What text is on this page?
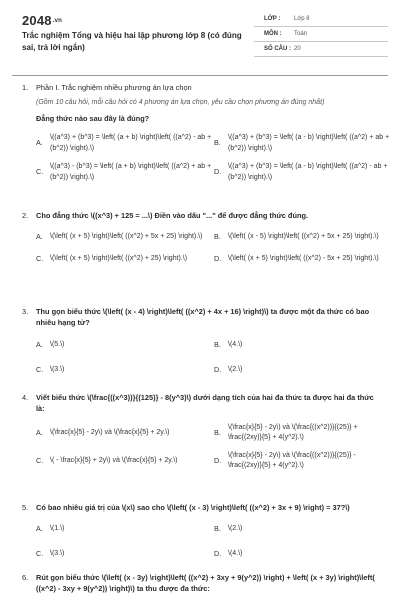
2048.vn
Trắc nghiệm Tổng và hiệu hai lập phương lớp 8 (có đúng sai, trả lời ngắn)
LỚP :	Lớp 8
MÔN :	Toán
SỐ CÂU : 20
1.	Phần I. Trắc nghiệm nhiều phương án lựa chọn
(Gồm 10 câu hỏi, mỗi câu hỏi có 4 phương án lựa chọn, yêu cầu chọn phương án đúng nhất)
Đẳng thức nào sau đây là đúng?
A.
\((a^3) + (b^3) = \left( (a + b) \right)\left( ((a^2) - ab + (b^2)) \right).\)
B.
\((a^3) + (b^3) = \left( (a - b) \right)\left( ((a^2) + ab + (b^2)) \right).\)
C.
\((a^3) - (b^3) = \left( (a + b) \right)\left( ((a^2) + ab + (b^2)) \right).\)
D.
\((a^3) + (b^3) = \left( (a - b) \right)\left( ((a^2) - ab + (b^2)) \right).\)
2.	Cho đẳng thức \((x^3) + 125 = ...\) Điền vào dấu "..." để được đẳng thức đúng.
A.	\(\left( (x + 5) \right)\left( ((x^2) + 5x + 25) \right).\)	B.	\(\left( (x - 5) \right)\left( ((x^2) + 5x + 25) \right).\)
C. \(\left( (x + 5) \right)\left( ((x^2) + 25) \right).\)	D. \(\left( (x + 5) \right)\left( ((x^2) - 5x + 25) \right).\)
3.	Thu gọn biểu thức \(\left( (x - 4) \right)\left( ((x^2) + 4x + 16) \right)\) ta được một đa thức có bao nhiêu hạng tử?
A.	\(5.\)	B.	\(4.\)
C. \(3.\)	D. \(2.\)
4.	Viết biểu thức \(\frac{((x^3))}{(125)} - 8(y^3)\) dưới dạng tích của hai đa thức ta được hai đa thức là:
A.	\(\frac{x}{5} - 2y\) và \(\frac{x}{5} + 2y.\)	B.
\(\frac{x}{5} - 2y\) và \(\frac{((x^2))}{(25)} + \frac{(2xy)}{5} + 4(y^2).\)
C. \( - \frac{x}{5} + 2y\) và \(\frac{x}{5} + 2y.\)	D.
\(\frac{x}{5} - 2y\) và \(\frac{((x^2))}{(25)} - \frac{(2xy)}{5} + 4(y^2).\)
5.	Có bao nhiêu giá trị của \(x\) sao cho \(\left( (x - 3) \right)\left( ((x^2) + 3x + 9) \right) = 37?\)
A.	\(1.\)	B.	\(2.\)
C. \(3.\)	D. \(4.\)
6.	Rút gọn biểu thức \(\left( (x - 3y) \right)\left( ((x^2) + 3xy + 9(y^2)) \right) + \left( (x + 3y) \right)\left( ((x^2) - 3xy + 9(y^2)) \right)\) ta thu được đa thức:
